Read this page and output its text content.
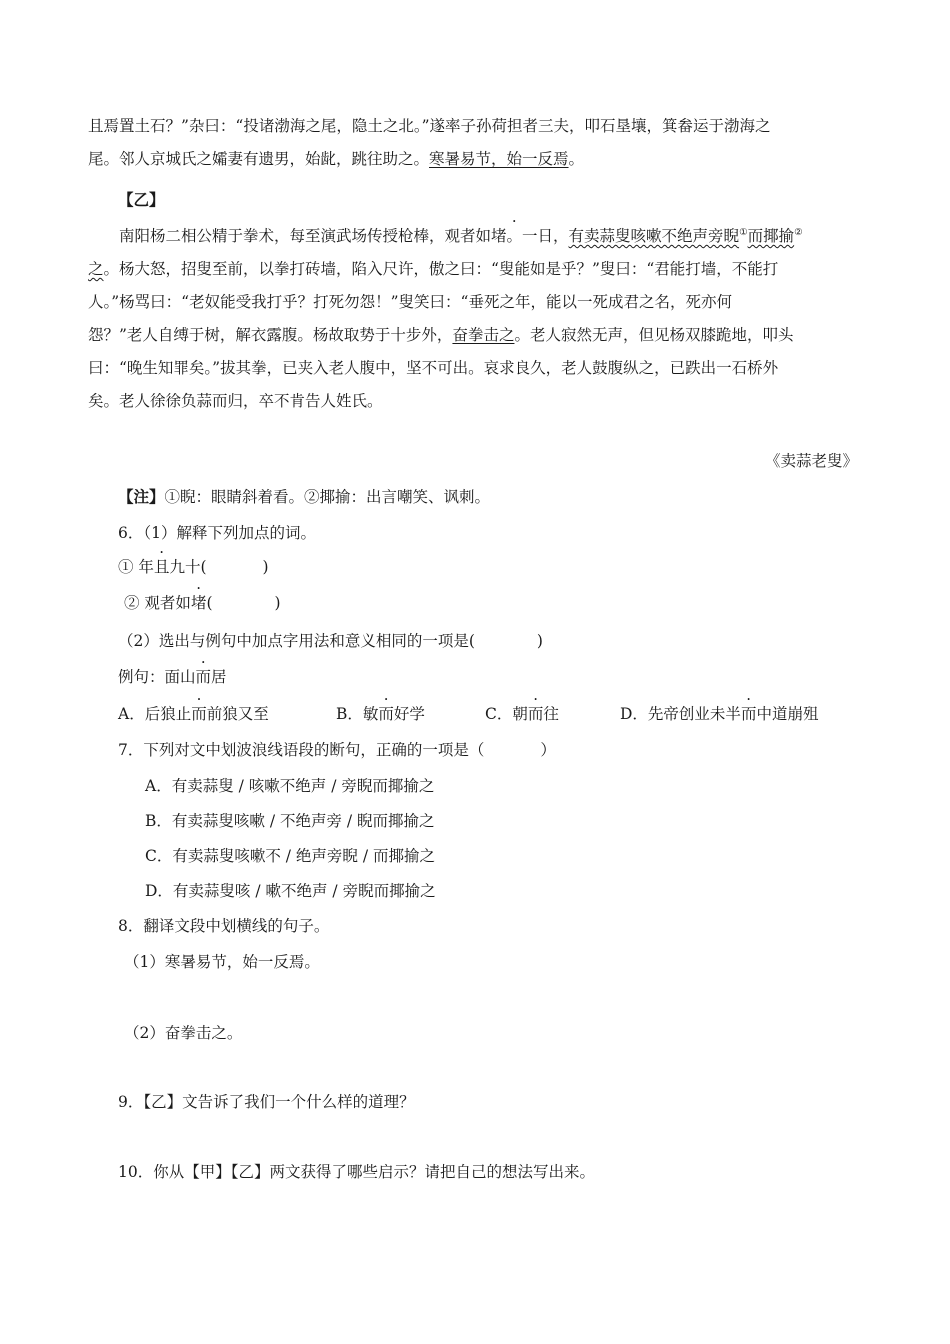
且焉置土石？”杂曰：“投诸渤海之尾，隐土之北。”遂率子孙荷担者三夫，叩石垦壤，箕畚运于渤海之
尾。邻人京城氏之孀妻有遗男，始龀，跳往助之。寒暑易节，始一反焉。
【乙】
南阳杨二相公精于拳术，每至演武场传授枪棒，观者如堵。一日，有卖蒜叟咳嗽不绝声旁睨①而揶揄②
之。杨大怒，招叟至前，以拳打砖墙，陷入尺许，傲之曰：“叟能如是乎？”叟曰：“君能打墙，不能打
人。”杨骂曰：“老奴能受我打乎？打死勿怨！”叟笑曰：“垂死之年，能以一死成君之名，死亦何
怨？”老人自缚于树，解衣露腹。杨故取势于十步外，奋拳击之。老人寂然无声，但见杨双膝跪地，叩头
曰：“晚生知罪矣。”拔其拳，已夹入老人腹中，坚不可出。哀求良久，老人鼓腹纵之，已跌出一石桥外
矣。老人徐徐负蒜而归，卒不肯告人姓氏。
《卖蒜老叟》
【注】①睨：眼睛斜着看。②揶揄：出言嘲笑、讽刺。
6．（1）解释下列加点的词。
① 年且九十(	)
② 观者如堵(	)
（2）选出与例句中加点字用法和意义相同的一项是(	)
例句：面山而居
A．后狼止而前狼又至	B．敏而好学	C．朝而往	D．先帝创业未半而中道崩殂
7．下列对文中划波浪线语段的断句，正确的一项是（	）
A．有卖蒜叟 / 咳嗽不绝声 / 旁睨而揶揄之
B．有卖蒜叟咳嗽 / 不绝声旁 / 睨而揶揄之
C．有卖蒜叟咳嗽不 / 绝声旁睨 / 而揶揄之
D．有卖蒜叟咳 / 嗽不绝声 / 旁睨而揶揄之
8．翻译文段中划横线的句子。
（1）寒暑易节，始一反焉。
（2）奋拳击之。
9．【乙】文告诉了我们一个什么样的道理？
10．你从【甲】【乙】两文获得了哪些启示？请把自己的想法写出来。
